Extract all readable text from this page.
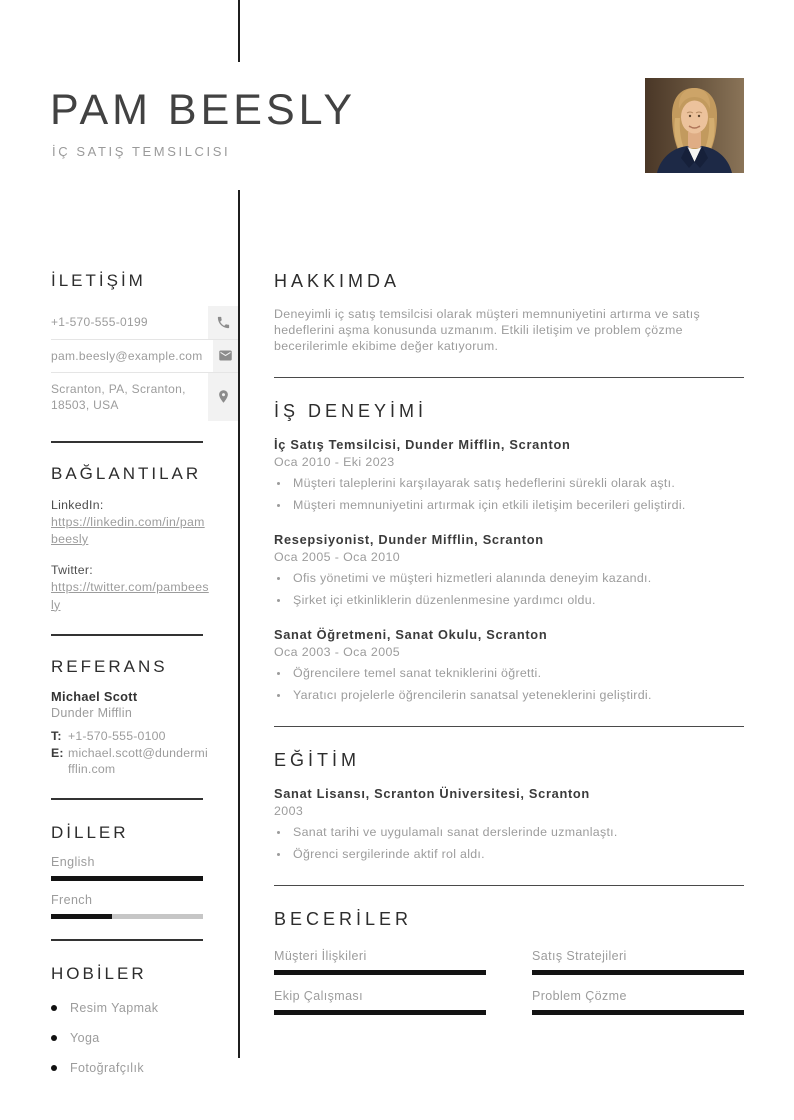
PAM BEESLY
İÇ SATIŞ TEMSILCISI
İLETİŞİM
+1-570-555-0199
pam.beesly@example.com
Scranton, PA, Scranton, 18503, USA
BAĞLANTILAR
LinkedIn:
https://linkedin.com/in/pambeesly
Twitter:
https://twitter.com/pambeesly
REFERANS
Michael Scott
Dunder Mifflin
T: +1-570-555-0100
E: michael.scott@dundermifflin.com
DİLLER
English
French
HOBİLER
Resim Yapmak
Yoga
Fotoğrafçılık
HAKKIMDA

Deneyimli iç satış temsilcisi olarak müşteri memnuniyetini artırma ve satış hedeflerini aşma konusunda uzmanım. Etkili iletişim ve problem çözme becerilerimle ekibime değer katıyorum.

İŞ DENEYİMİ
İç Satış Temsilcisi, Dunder Mifflin, Scranton
Oca 2010 - Eki 2023
Müşteri taleplerini karşılayarak satış hedeflerini sürekli olarak aştı.
Müşteri memnuniyetini artırmak için etkili iletişim becerileri geliştirdi.
Resepsiyonist, Dunder Mifflin, Scranton
Oca 2005 - Oca 2010
Ofis yönetimi ve müşteri hizmetleri alanında deneyim kazandı.
Şirket içi etkinliklerin düzenlenmesine yardımcı oldu.
Sanat Öğretmeni, Sanat Okulu, Scranton
Oca 2003 - Oca 2005
Öğrencilere temel sanat tekniklerini öğretti.
Yaratıcı projelerle öğrencilerin sanatsal yeteneklerini geliştirdi.
EĞİTİM
Sanat Lisansı, Scranton Üniversitesi, Scranton
2003
Sanat tarihi ve uygulamalı sanat derslerinde uzmanlaştı.
Öğrenci sergilerinde aktif rol aldı.
BECERİLER
Müşteri İlişkileri	Satış Stratejileri
Ekip Çalışması	Problem Çözme
